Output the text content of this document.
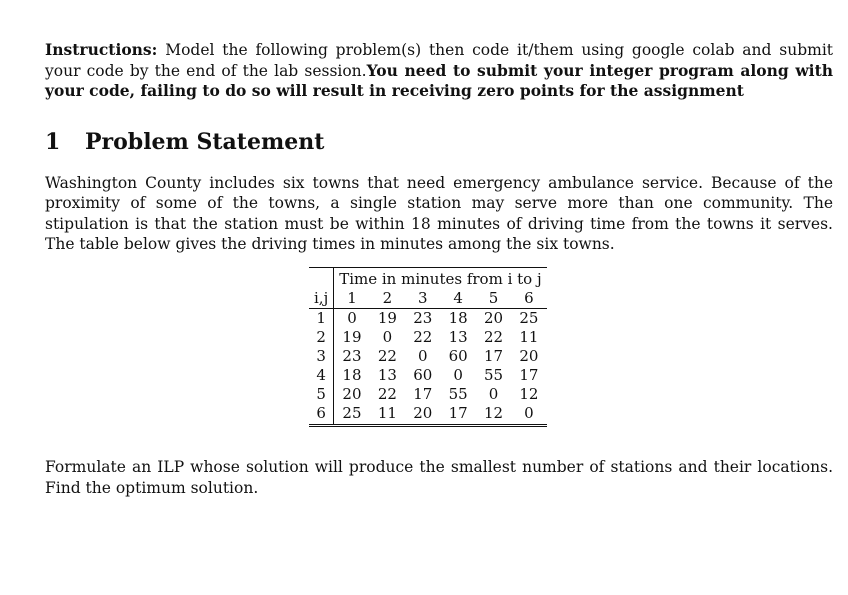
Instructions: Model the following problem(s) then code it/them using google colab and submit your code by the end of the lab session.You need to submit your integer program along with your code, failing to do so will result in receiving zero points for the assignment
1 Problem Statement
Washington County includes six towns that need emergency ambulance service. Because of the proximity of some of the towns, a single station may serve more than one community. The stipulation is that the station must be within 18 minutes of driving time from the towns it serves. The table below gives the driving times in minutes among the six towns.
	Time in minutes from i to j					
i,j	1	2	3	4	5	6
1	0	19	23	18	20	25
2	19	0	22	13	22	11
3	23	22	0	60	17	20
4	18	13	60	0	55	17
5	20	22	17	55	0	12
6	25	11	20	17	12	0
Formulate an ILP whose solution will produce the smallest number of stations and their locations. Find the optimum solution.
